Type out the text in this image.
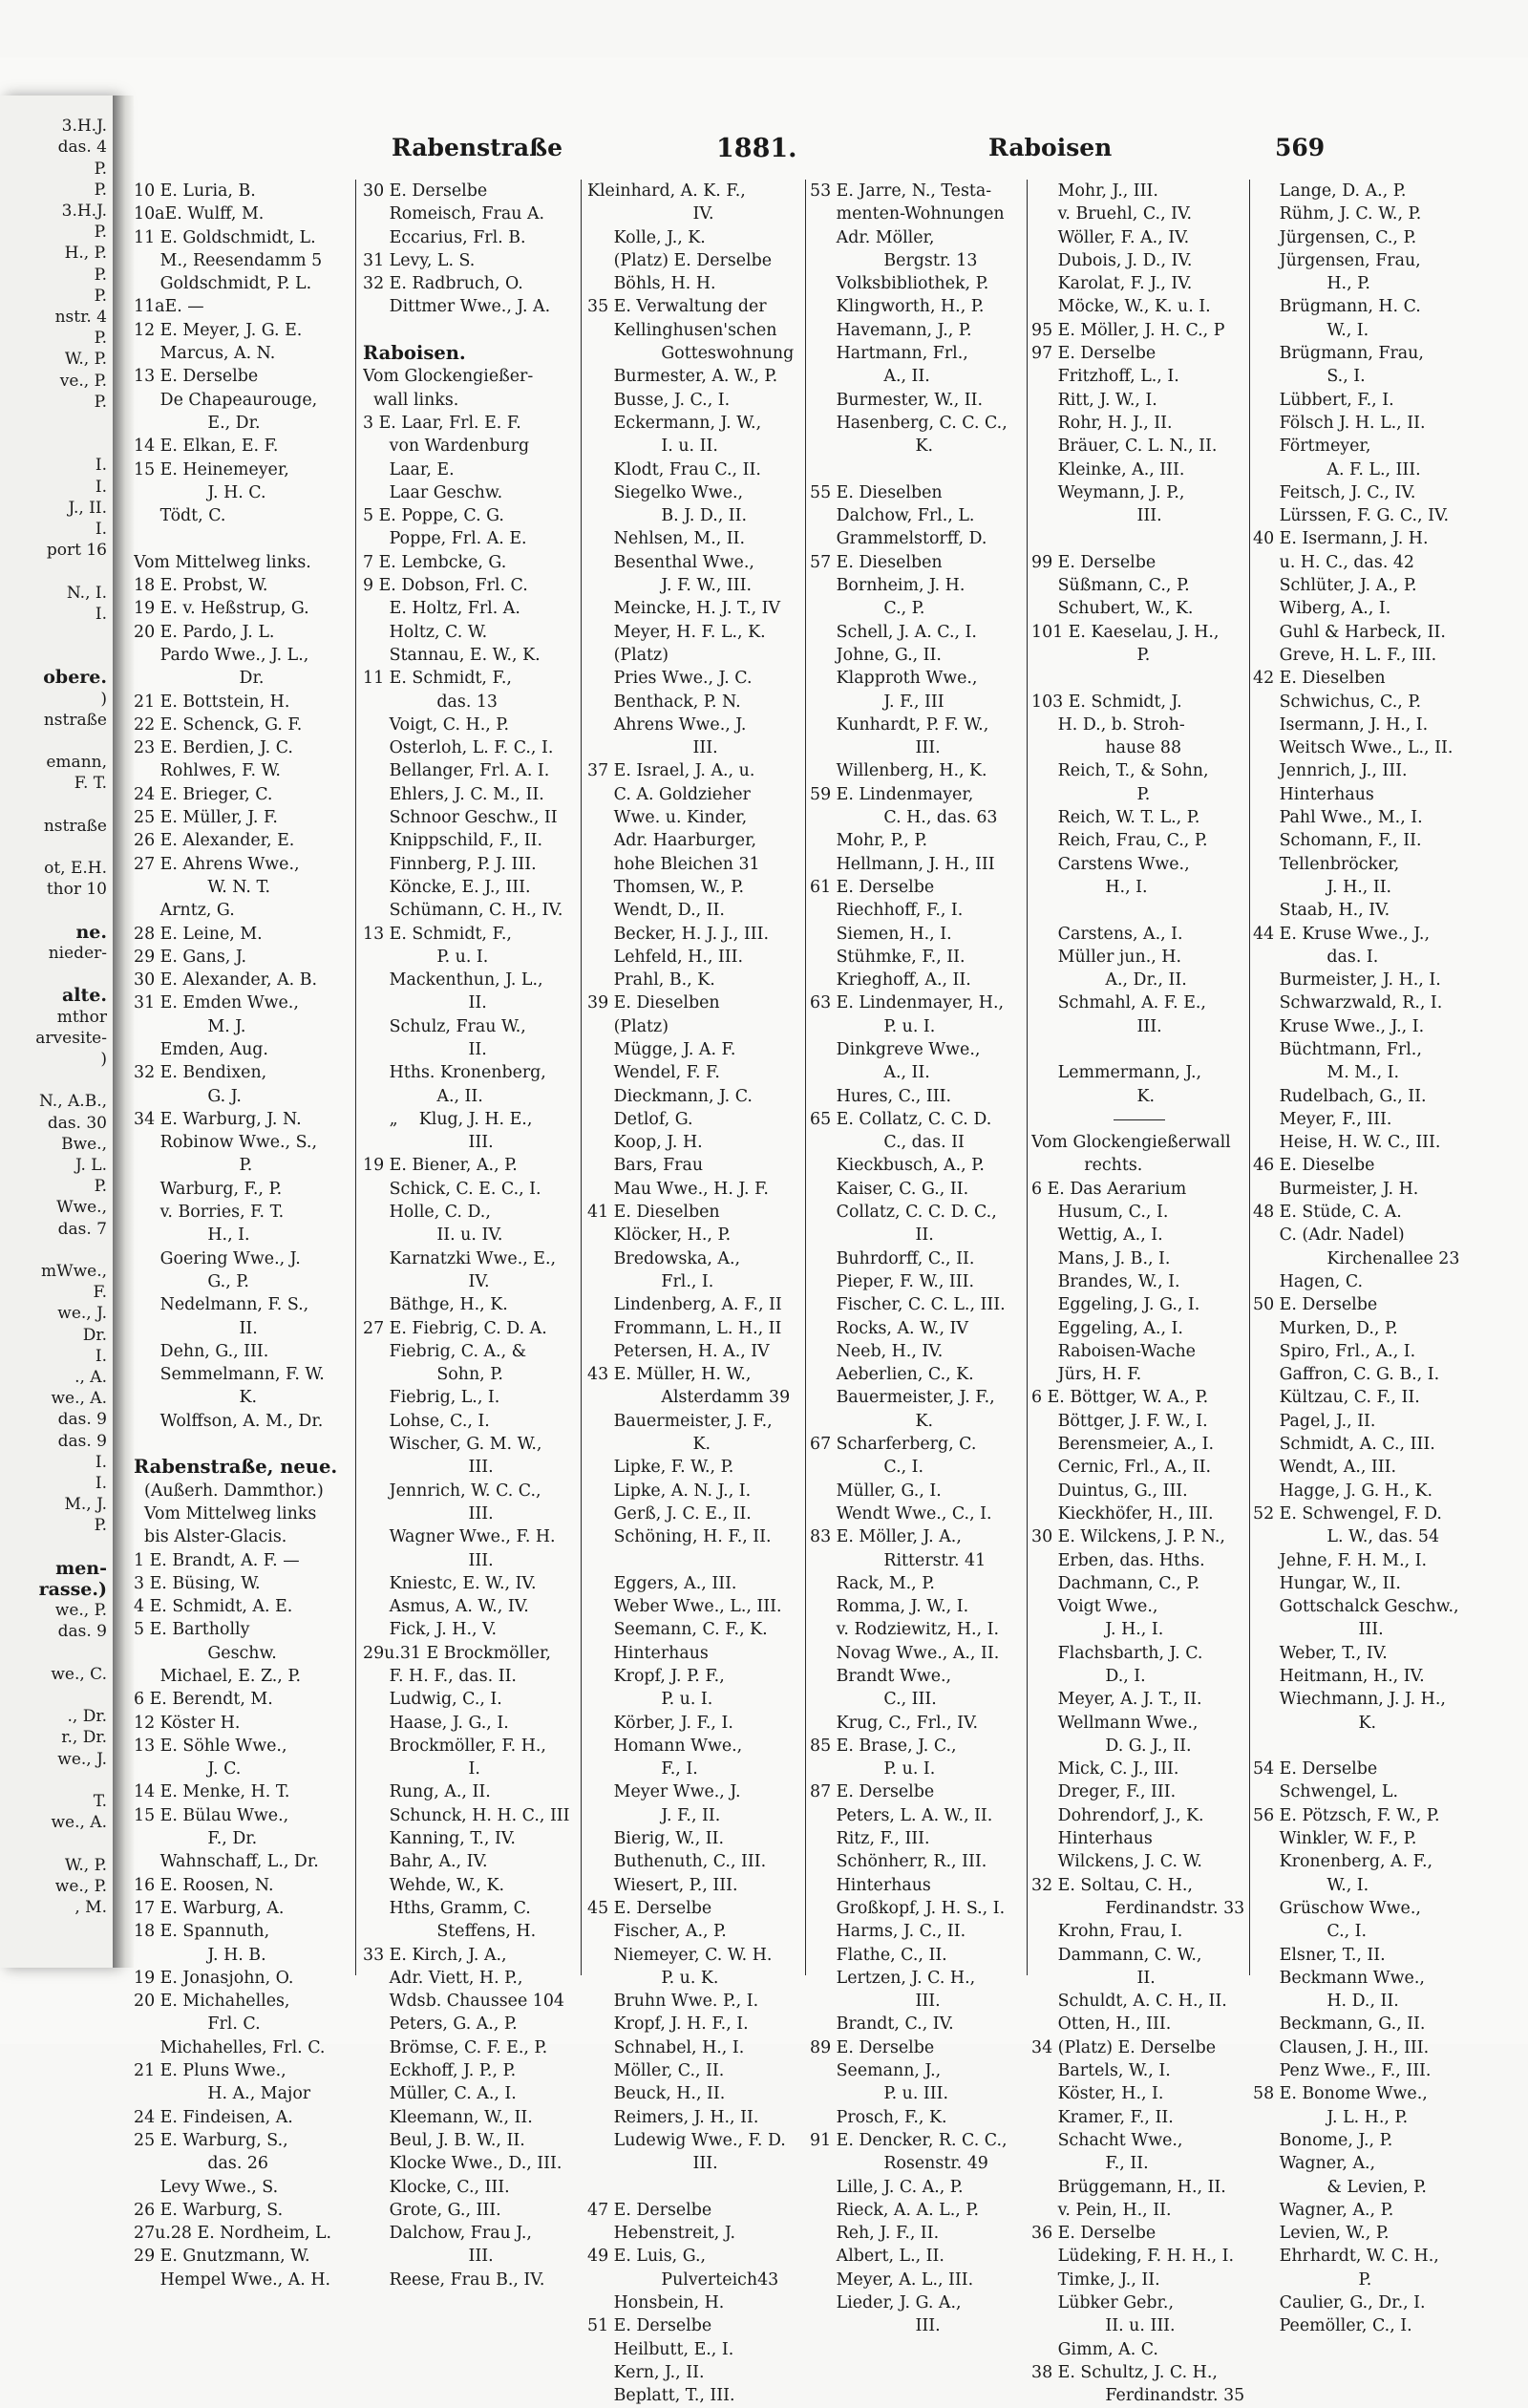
3.H.J.
das. 4
P.
P.
3.H.J.
P.
H., P.
P.
P.
nstr. 4
P.
W., P.
ve., P.
P.
I.
I.
J., II.
I.
port 16
N., I.
I.
obere.
)
nstraße
emann,
F. T.
nstraße
ot, E.H.
thor 10
ne.
nieder-
alte.
mthor
arvesite-
)
N., A.B.,
das. 30
Bwe.,
J. L.
P.
Wwe.,
das. 7
mWwe.,
F.
we., J.
Dr.
I.
., A.
we., A.
das. 9
das. 9
I.
I.
M., J.
P.
men-
rasse.)
we., P.
das. 9
we., C.
., Dr.
r., Dr.
we., J.
T.
we., A.
W., P.
we., P.
, M.
Rabenstraße	1881.	Raboisen	569
10 E. Luria, B.
10aE. Wulff, M.
11 E. Goldschmidt, L.
M., Reesendamm 5
Goldschmidt, P. L.
11aE. —
12 E. Meyer, J. G. E.
Marcus, A. N.
13 E. Derselbe
De Chapeaurouge,
E., Dr.
14 E. Elkan, E. F.
15 E. Heinemeyer,
J. H. C.
Tödt, C.
Vom Mittelweg links.
18 E. Probst, W.
19 E. v. Heßstrup, G.
20 E. Pardo, J. L.
Pardo Wwe., J. L.,
Dr.
21 E. Bottstein, H.
22 E. Schenck, G. F.
23 E. Berdien, J. C.
Rohlwes, F. W.
24 E. Brieger, C.
25 E. Müller, J. F.
26 E. Alexander, E.
27 E. Ahrens Wwe.,
W. N. T.
Arntz, G.
28 E. Leine, M.
29 E. Gans, J.
30 E. Alexander, A. B.
31 E. Emden Wwe.,
M. J.
Emden, Aug.
32 E. Bendixen,
G. J.
34 E. Warburg, J. N.
Robinow Wwe., S.,
P.
Warburg, F., P.
v. Borries, F. T.
H., I.
Goering Wwe., J.
G., P.
Nedelmann, F. S.,
II.
Dehn, G., III.
Semmelmann, F. W.
K.
Wolffson, A. M., Dr.
Rabenstraße, neue.
(Außerh. Dammthor.)
Vom Mittelweg links
bis Alster-Glacis.
1 E. Brandt, A. F. —
3 E. Büsing, W.
4 E. Schmidt, A. E.
5 E. Bartholly
Geschw.
Michael, E. Z., P.
6 E. Berendt, M.
12 Köster H.
13 E. Söhle Wwe.,
J. C.
14 E. Menke, H. T.
15 E. Bülau Wwe.,
F., Dr.
Wahnschaff, L., Dr.
16 E. Roosen, N.
17 E. Warburg, A.
18 E. Spannuth,
J. H. B.
19 E. Jonasjohn, O.
20 E. Michahelles,
Frl. C.
Michahelles, Frl. C.
21 E. Pluns Wwe.,
H. A., Major
24 E. Findeisen, A.
25 E. Warburg, S.,
das. 26
Levy Wwe., S.
26 E. Warburg, S.
27u.28 E. Nordheim, L.
29 E. Gnutzmann, W.
Hempel Wwe., A. H.
30 E. Derselbe
Romeisch, Frau A.
Eccarius, Frl. B.
31 Levy, L. S.
32 E. Radbruch, O.
Dittmer Wwe., J. A.
Raboisen.
Vom Glockengießer-
wall links.
3 E. Laar, Frl. E. F.
von Wardenburg
Laar, E.
Laar Geschw.
5 E. Poppe, C. G.
Poppe, Frl. A. E.
7 E. Lembcke, G.
9 E. Dobson, Frl. C.
E. Holtz, Frl. A.
Holtz, C. W.
Stannau, E. W., K.
11 E. Schmidt, F.,
das. 13
Voigt, C. H., P.
Osterloh, L. F. C., I.
Bellanger, Frl. A. I.
Ehlers, J. C. M., II.
Schnoor Geschw., II
Knippschild, F., II.
Finnberg, P. J. III.
Köncke, E. J., III.
Schümann, C. H., IV.
13 E. Schmidt, F.,
P. u. I.
Mackenthun, J. L.,
II.
Schulz, Frau W.,
II.
Hths. Kronenberg,
A., II.
„    Klug, J. H. E.,
III.
19 E. Biener, A., P.
Schick, C. E. C., I.
Holle, C. D.,
II. u. IV.
Karnatzki Wwe., E.,
IV.
Bäthge, H., K.
27 E. Fiebrig, C. D. A.
Fiebrig, C. A., &
Sohn, P.
Fiebrig, L., I.
Lohse, C., I.
Wischer, G. M. W.,
III.
Jennrich, W. C. C.,
III.
Wagner Wwe., F. H.
III.
Kniestc, E. W., IV.
Asmus, A. W., IV.
Fick, J. H., V.
29u.31 E Brockmöller,
F. H. F., das. II.
Ludwig, C., I.
Haase, J. G., I.
Brockmöller, F. H.,
I.
Rung, A., II.
Schunck, H. H. C., III
Kanning, T., IV.
Bahr, A., IV.
Wehde, W., K.
Hths, Gramm, C.
Steffens, H.
33 E. Kirch, J. A.,
Adr. Viett, H. P.,
Wdsb. Chaussee 104
Peters, G. A., P.
Brömse, C. F. E., P.
Eckhoff, J. P., P.
Müller, C. A., I.
Kleemann, W., II.
Beul, J. B. W., II.
Klocke Wwe., D., III.
Klocke, C., III.
Grote, G., III.
Dalchow, Frau J.,
III.
Reese, Frau B., IV.
Kleinhard, A. K. F.,
IV.
Kolle, J., K.
(Platz) E. Derselbe
Böhls, H. H.
35 E. Verwaltung der
Kellinghusen'schen
Gotteswohnung
Burmester, A. W., P.
Busse, J. C., I.
Eckermann, J. W.,
I. u. II.
Klodt, Frau C., II.
Siegelko Wwe.,
B. J. D., II.
Nehlsen, M., II.
Besenthal Wwe.,
J. F. W., III.
Meincke, H. J. T., IV
Meyer, H. F. L., K.
(Platz)
Pries Wwe., J. C.
Benthack, P. N.
Ahrens Wwe., J.
III.
37 E. Israel, J. A., u.
C. A. Goldzieher
Wwe. u. Kinder,
Adr. Haarburger,
hohe Bleichen 31
Thomsen, W., P.
Wendt, D., II.
Becker, H. J. J., III.
Lehfeld, H., III.
Prahl, B., K.
39 E. Dieselben
(Platz)
Mügge, J. A. F.
Wendel, F. F.
Dieckmann, J. C.
Detlof, G.
Koop, J. H.
Bars, Frau
Mau Wwe., H. J. F.
41 E. Dieselben
Klöcker, H., P.
Bredowska, A.,
Frl., I.
Lindenberg, A. F., II
Frommann, L. H., II
Petersen, H. A., IV
43 E. Müller, H. W.,
Alsterdamm 39
Bauermeister, J. F.,
K.
Lipke, F. W., P.
Lipke, A. N. J., I.
Gerß, J. C. E., II.
Schöning, H. F., II.
Eggers, A., III.
Weber Wwe., L., III.
Seemann, C. F., K.
Hinterhaus
Kropf, J. P. F.,
P. u. I.
Körber, J. F., I.
Homann Wwe.,
F., I.
Meyer Wwe., J.
J. F., II.
Bierig, W., II.
Buthenuth, C., III.
Wiesert, P., III.
45 E. Derselbe
Fischer, A., P.
Niemeyer, C. W. H.
P. u. K.
Bruhn Wwe. P., I.
Kropf, J. H. F., I.
Schnabel, H., I.
Möller, C., II.
Beuck, H., II.
Reimers, J. H., II.
Ludewig Wwe., F. D.
III.
47 E. Derselbe
Hebenstreit, J.
49 E. Luis, G.,
Pulverteich43
Honsbein, H.
51 E. Derselbe
Heilbutt, E., I.
Kern, J., II.
Beplatt, T., III.
53 E. Jarre, N., Testa-
menten-Wohnungen
Adr. Möller,
Bergstr. 13
Volksbibliothek, P.
Klingworth, H., P.
Havemann, J., P.
Hartmann, Frl.,
A., II.
Burmester, W., II.
Hasenberg, C. C. C.,
K.
55 E. Dieselben
Dalchow, Frl., L.
Grammelstorff, D.
57 E. Dieselben
Bornheim, J. H.
C., P.
Schell, J. A. C., I.
Johne, G., II.
Klapproth Wwe.,
J. F., III
Kunhardt, P. F. W.,
III.
Willenberg, H., K.
59 E. Lindenmayer,
C. H., das. 63
Mohr, P., P.
Hellmann, J. H., III
61 E. Derselbe
Riechhoff, F., I.
Siemen, H., I.
Stühmke, F., II.
Krieghoff, A., II.
63 E. Lindenmayer, H.,
P. u. I.
Dinkgreve Wwe.,
A., II.
Hures, C., III.
65 E. Collatz, C. C. D.
C., das. II
Kieckbusch, A., P.
Kaiser, C. G., II.
Collatz, C. C. D. C.,
II.
Buhrdorff, C., II.
Pieper, F. W., III.
Fischer, C. C. L., III.
Rocks, A. W., IV
Neeb, H., IV.
Aeberlien, C., K.
Bauermeister, J. F.,
K.
67 Scharferberg, C.
C., I.
Müller, G., I.
Wendt Wwe., C., I.
83 E. Möller, J. A.,
Ritterstr. 41
Rack, M., P.
Romma, J. W., I.
v. Rodziewitz, H., I.
Novag Wwe., A., II.
Brandt Wwe.,
C., III.
Krug, C., Frl., IV.
85 E. Brase, J. C.,
P. u. I.
87 E. Derselbe
Peters, L. A. W., II.
Ritz, F., III.
Schönherr, R., III.
Hinterhaus
Großkopf, J. H. S., I.
Harms, J. C., II.
Flathe, C., II.
Lertzen, J. C. H.,
III.
Brandt, C., IV.
89 E. Derselbe
Seemann, J.,
P. u. III.
Prosch, F., K.
91 E. Dencker, R. C. C.,
Rosenstr. 49
Lille, J. C. A., P.
Rieck, A. A. L., P.
Reh, J. F., II.
Albert, L., II.
Meyer, A. L., III.
Lieder, J. G. A.,
III.
Mohr, J., III.
v. Bruehl, C., IV.
Wöller, F. A., IV.
Dubois, J. D., IV.
Karolat, F. J., IV.
Möcke, W., K. u. I.
95 E. Möller, J. H. C., P
97 E. Derselbe
Fritzhoff, L., I.
Ritt, J. W., I.
Rohr, H. J., II.
Bräuer, C. L. N., II.
Kleinke, A., III.
Weymann, J. P.,
III.
99 E. Derselbe
Süßmann, C., P.
Schubert, W., K.
101 E. Kaeselau, J. H.,
P.
103 E. Schmidt, J.
H. D., b. Stroh-
hause 88
Reich, T., & Sohn,
P.
Reich, W. T. L., P.
Reich, Frau, C., P.
Carstens Wwe.,
H., I.
Carstens, A., I.
Müller jun., H.
A., Dr., II.
Schmahl, A. F. E.,
III.
Lemmermann, J.,
K.
Vom Glockengießerwall
rechts.
6 E. Das Aerarium
Husum, C., I.
Wettig, A., I.
Mans, J. B., I.
Brandes, W., I.
Eggeling, J. G., I.
Eggeling, A., I.
Raboisen-Wache
Jürs, H. F.
6 E. Böttger, W. A., P.
Böttger, J. F. W., I.
Berensmeier, A., I.
Cernic, Frl., A., II.
Duintus, G., III.
Kieckhöfer, H., III.
30 E. Wilckens, J. P. N.,
Erben, das. Hths.
Dachmann, C., P.
Voigt Wwe.,
J. H., I.
Flachsbarth, J. C.
D., I.
Meyer, A. J. T., II.
Wellmann Wwe.,
D. G. J., II.
Mick, C. J., III.
Dreger, F., III.
Dohrendorf, J., K.
Hinterhaus
Wilckens, J. C. W.
32 E. Soltau, C. H.,
Ferdinandstr. 33
Krohn, Frau, I.
Dammann, C. W.,
II.
Schuldt, A. C. H., II.
Otten, H., III.
34 (Platz) E. Derselbe
Bartels, W., I.
Köster, H., I.
Kramer, F., II.
Schacht Wwe.,
F., II.
Brüggemann, H., II.
v. Pein, H., II.
36 E. Derselbe
Lüdeking, F. H. H., I.
Timke, J., II.
Lübker Gebr.,
II. u. III.
Gimm, A. C.
38 E. Schultz, J. C. H.,
Ferdinandstr. 35
Lange, D. A., P.
Rühm, J. C. W., P.
Jürgensen, C., P.
Jürgensen, Frau,
H., P.
Brügmann, H. C.
W., I.
Brügmann, Frau,
S., I.
Lübbert, F., I.
Fölsch J. H. L., II.
Förtmeyer,
A. F. L., III.
Feitsch, J. C., IV.
Lürssen, F. G. C., IV.
40 E. Isermann, J. H.
u. H. C., das. 42
Schlüter, J. A., P.
Wiberg, A., I.
Guhl & Harbeck, II.
Greve, H. L. F., III.
42 E. Dieselben
Schwichus, C., P.
Isermann, J. H., I.
Weitsch Wwe., L., II.
Jennrich, J., III.
Hinterhaus
Pahl Wwe., M., I.
Schomann, F., II.
Tellenbröcker,
J. H., II.
Staab, H., IV.
44 E. Kruse Wwe., J.,
das. I.
Burmeister, J. H., I.
Schwarzwald, R., I.
Kruse Wwe., J., I.
Büchtmann, Frl.,
M. M., I.
Rudelbach, G., II.
Meyer, F., III.
Heise, H. W. C., III.
46 E. Dieselbe
Burmeister, J. H.
48 E. Stüde, C. A.
C. (Adr. Nadel)
Kirchenallee 23
Hagen, C.
50 E. Derselbe
Murken, D., P.
Spiro, Frl., A., I.
Gaffron, C. G. B., I.
Kültzau, C. F., II.
Pagel, J., II.
Schmidt, A. C., III.
Wendt, A., III.
Hagge, J. G. H., K.
52 E. Schwengel, F. D.
L. W., das. 54
Jehne, F. H. M., I.
Hungar, W., II.
Gottschalck Geschw.,
III.
Weber, T., IV.
Heitmann, H., IV.
Wiechmann, J. J. H.,
K.
54 E. Derselbe
Schwengel, L.
56 E. Pötzsch, F. W., P.
Winkler, W. F., P.
Kronenberg, A. F.,
W., I.
Grüschow Wwe.,
C., I.
Elsner, T., II.
Beckmann Wwe.,
H. D., II.
Beckmann, G., II.
Clausen, J. H., III.
Penz Wwe., F., III.
58 E. Bonome Wwe.,
J. L. H., P.
Bonome, J., P.
Wagner, A.,
& Levien, P.
Wagner, A., P.
Levien, W., P.
Ehrhardt, W. C. H.,
P.
Caulier, G., Dr., I.
Peemöller, C., I.
